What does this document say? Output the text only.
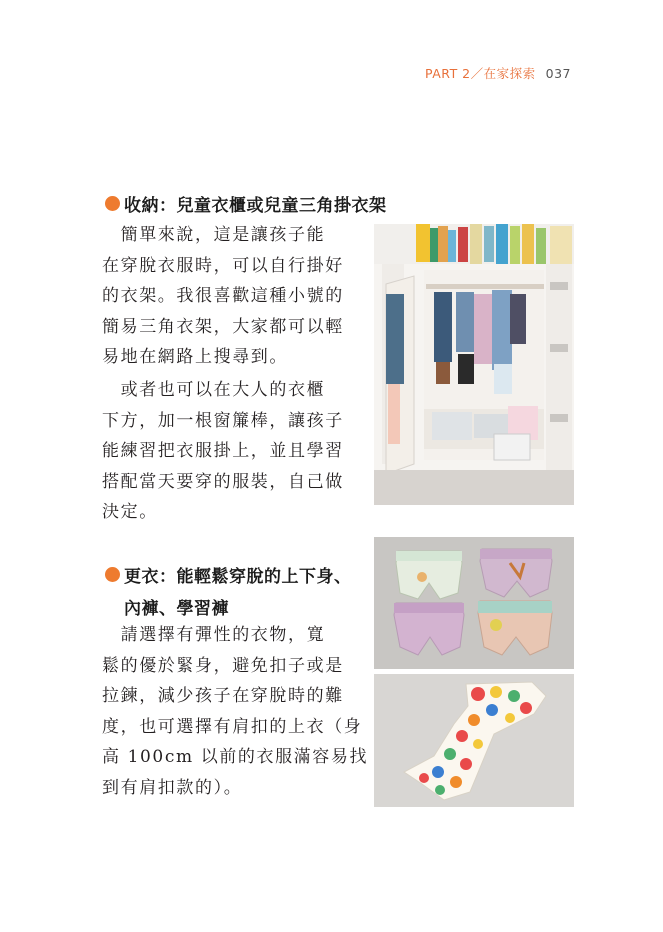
PART 2／在家探索 037
收納：兒童衣櫃或兒童三角掛衣架
　簡單來說，這是讓孩子能
在穿脫衣服時，可以自行掛好
的衣架。我很喜歡這種小號的
簡易三角衣架，大家都可以輕
易地在網路上搜尋到。
　或者也可以在大人的衣櫃
下方，加一根窗簾棒，讓孩子
能練習把衣服掛上，並且學習
搭配當天要穿的服裝，自己做
決定。
更衣：能輕鬆穿脫的上下身、
內褲、學習褲
　請選擇有彈性的衣物，寬
鬆的優於緊身，避免扣子或是
拉鍊，減少孩子在穿脫時的難
度，也可選擇有肩扣的上衣（身
高 100cm 以前的衣服滿容易找
到有肩扣款的）。
